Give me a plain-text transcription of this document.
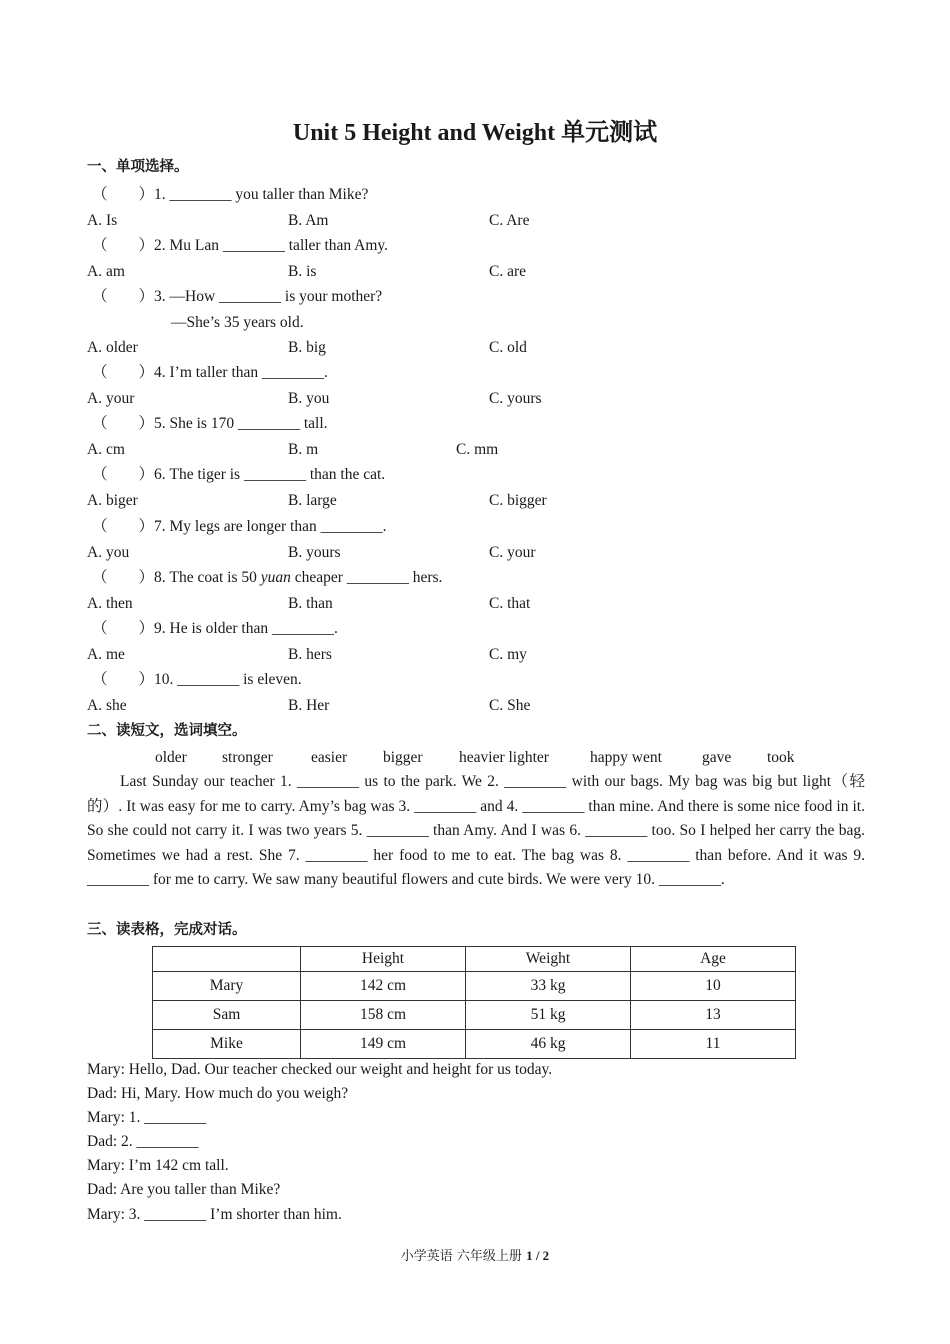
Unit 5 Height and Weight 单元测试
一、单项选择。
（　　）1. ________ you taller than Mike?
A. Is	B. Am	C. Are
（　　）2. Mu Lan ________ taller than Amy.
A. am	B. is	C. are
（　　）3. —How ________ is your mother?
—She’s 35 years old.
A. older	B. big	C. old
（　　）4. I’m taller than ________.
A. your	B. you	C. yours
（　　）5. She is 170 ________ tall.
A. cm	B. m	C. mm
（　　）6. The tiger is ________ than the cat.
A. biger	B. large	C. bigger
（　　）7. My legs are longer than ________.
A. you	B. yours	C. your
（　　）8. The coat is 50 yuan cheaper ________ hers.
A. then	B. than	C. that
（　　）9. He is older than ________.
A. me	B. hers	C. my
（　　）10. ________ is eleven.
A. she	B. Her	C. She
二、读短文，选词填空。
older stronger easier bigger heavier lighter	happy went	gave took
Last Sunday our teacher 1. ________ us to the park. We 2. ________ with our bags. My bag was big but light（轻的）. It was easy for me to carry. Amy’s bag was 3. ________ and 4. ________ than mine. And there is some nice food in it. So she could not carry it. I was two years 5. ________ than Amy. And I was 6. ________ too. So I helped her carry the bag. Sometimes we had a rest. She 7. ________ her food to me to eat. The bag was 8. ________ than before. And it was 9. ________ for me to carry. We saw many beautiful flowers and cute birds. We were very 10. ________.
三、读表格，完成对话。
	Height	Weight	Age
Mary	142 cm	33 kg	10
Sam	158 cm	51 kg	13
Mike	149 cm	46 kg	11
Mary: Hello, Dad. Our teacher checked our weight and height for us today.
Dad: Hi, Mary. How much do you weigh?
Mary: 1. ________
Dad: 2. ________
Mary: I’m 142 cm tall.
Dad: Are you taller than Mike?
Mary: 3. ________ I’m shorter than him.
小学英语 六年级上册 1 / 2
